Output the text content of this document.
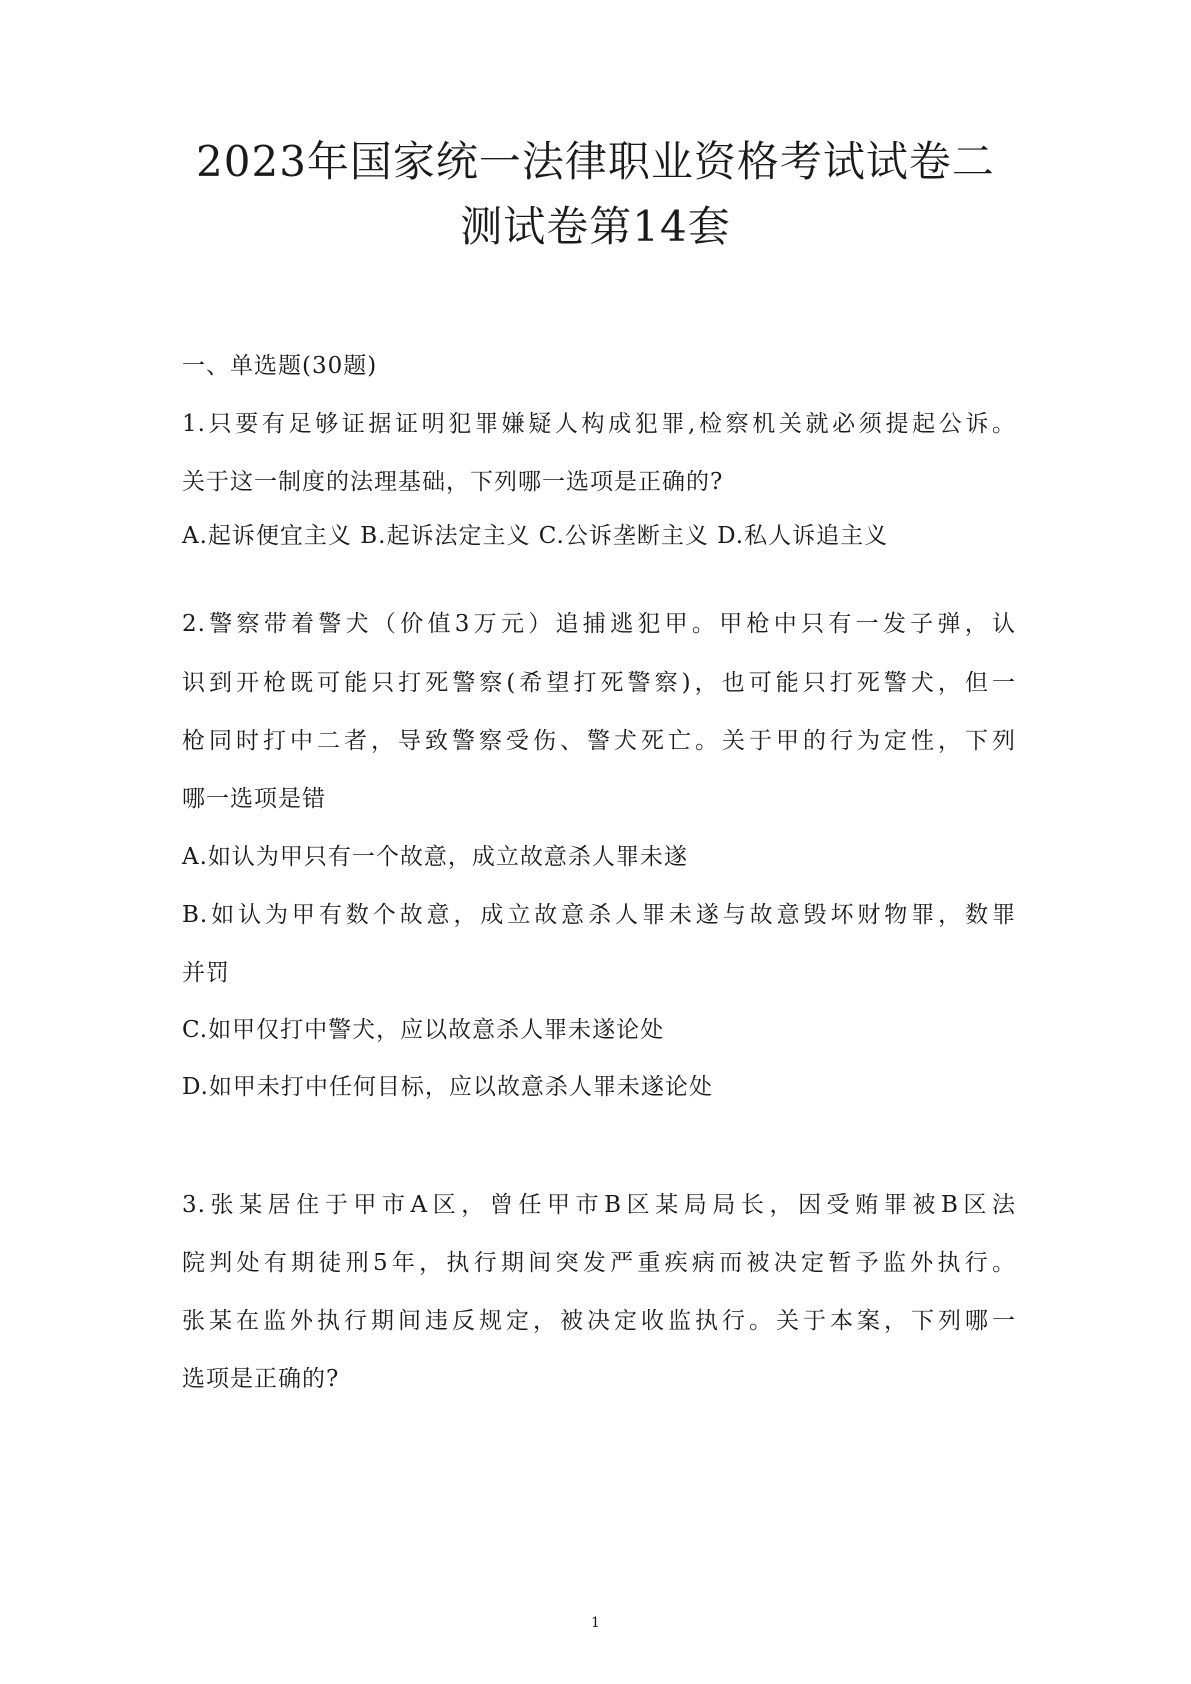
2023年国家统一法律职业资格考试试卷二
测试卷第14套
一、单选题(30题)
1.只要有足够证据证明犯罪嫌疑人构成犯罪,检察机关就必须提起公诉。
关于这一制度的法理基础，下列哪一选项是正确的?
A.起诉便宜主义 B.起诉法定主义 C.公诉垄断主义 D.私人诉追主义
2.警察带着警犬（价值3万元）追捕逃犯甲。甲枪中只有一发子弹，认
识到开枪既可能只打死警察(希望打死警察)，也可能只打死警犬，但一
枪同时打中二者，导致警察受伤、警犬死亡。关于甲的行为定性，下列
哪一选项是错
A.如认为甲只有一个故意，成立故意杀人罪未遂
B.如认为甲有数个故意，成立故意杀人罪未遂与故意毁坏财物罪，数罪
并罚
C.如甲仅打中警犬，应以故意杀人罪未遂论处
D.如甲未打中任何目标，应以故意杀人罪未遂论处
3.张某居住于甲市A区，曾任甲市B区某局局长，因受贿罪被B区法
院判处有期徒刑5年，执行期间突发严重疾病而被决定暂予监外执行。
张某在监外执行期间违反规定，被决定收监执行。关于本案，下列哪一
选项是正确的?
1
